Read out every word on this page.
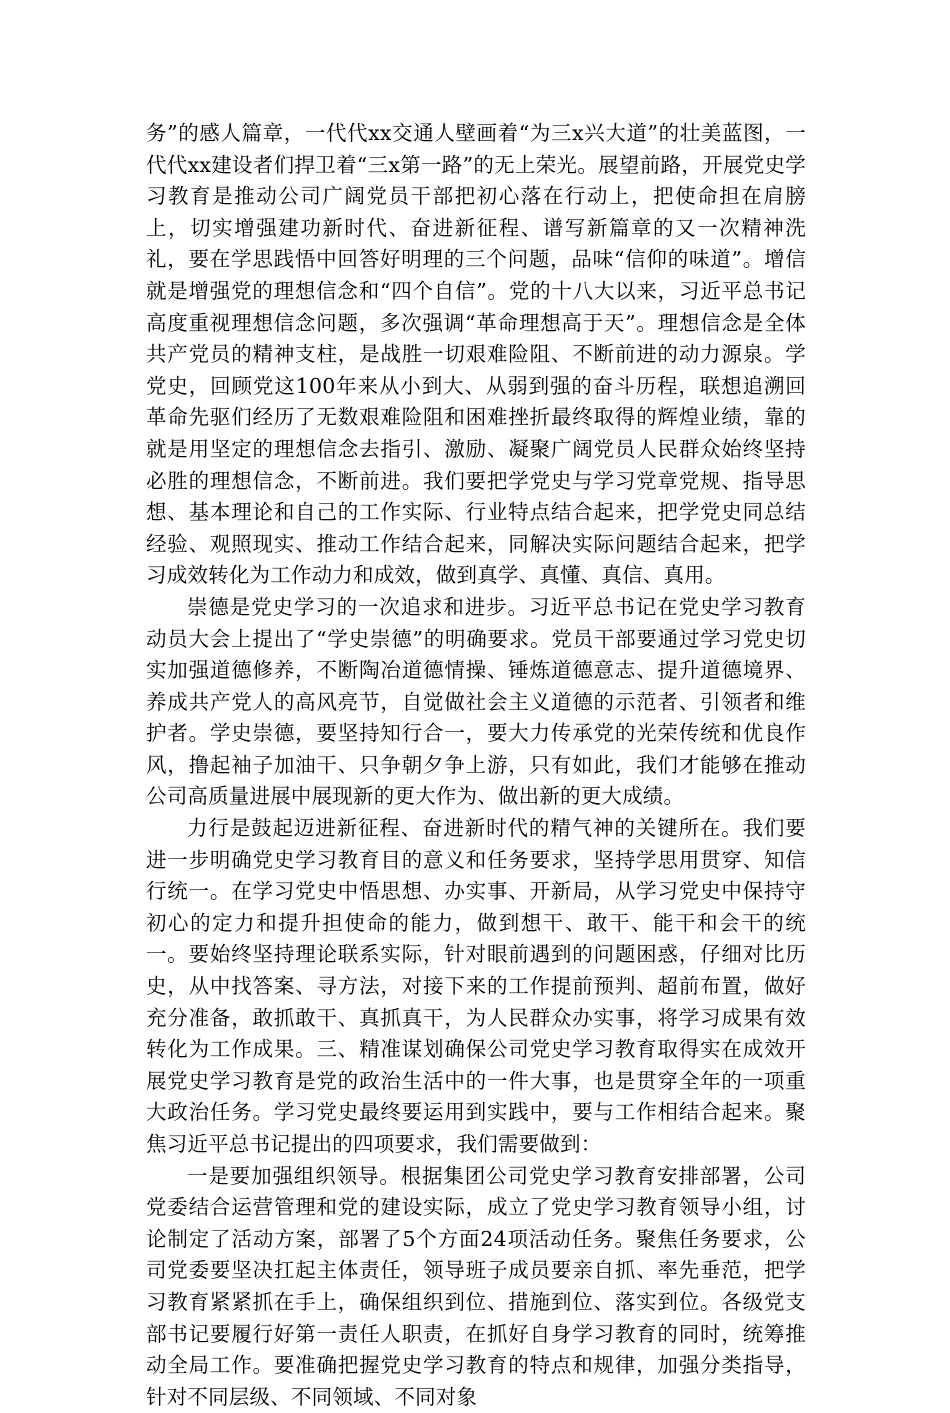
务”的感人篇章，一代代xx交通人壁画着“为三x兴大道”的壮美蓝图，一代代xx建设者们捍卫着“三x第一路”的无上荣光。展望前路，开展党史学习教育是推动公司广阔党员干部把初心落在行动上，把使命担在肩膀上，切实增强建功新时代、奋进新征程、谱写新篇章的又一次精神洗礼，要在学思践悟中回答好明理的三个问题，品味“信仰的味道”。增信就是增强党的理想信念和“四个自信”。党的十八大以来，习近平总书记高度重视理想信念问题，多次强调“革命理想高于天”。理想信念是全体共产党员的精神支柱，是战胜一切艰难险阻、不断前进的动力源泉。学党史，回顾党这100年来从小到大、从弱到强的奋斗历程，联想追溯回革命先驱们经历了无数艰难险阻和困难挫折最终取得的辉煌业绩，靠的就是用坚定的理想信念去指引、激励、凝聚广阔党员人民群众始终坚持必胜的理想信念，不断前进。我们要把学党史与学习党章党规、指导思想、基本理论和自己的工作实际、行业特点结合起来，把学党史同总结经验、观照现实、推动工作结合起来，同解决实际问题结合起来，把学习成效转化为工作动力和成效，做到真学、真懂、真信、真用。

崇德是党史学习的一次追求和进步。习近平总书记在党史学习教育动员大会上提出了“学史崇德”的明确要求。党员干部要通过学习党史切实加强道德修养，不断陶冶道德情操、锤炼道德意志、提升道德境界、养成共产党人的高风亮节，自觉做社会主义道德的示范者、引领者和维护者。学史崇德，要坚持知行合一，要大力传承党的光荣传统和优良作风，撸起袖子加油干、只争朝夕争上游，只有如此，我们才能够在推动公司高质量进展中展现新的更大作为、做出新的更大成绩。

力行是鼓起迈进新征程、奋进新时代的精气神的关键所在。我们要进一步明确党史学习教育目的意义和任务要求，坚持学思用贯穿、知信行统一。在学习党史中悟思想、办实事、开新局，从学习党史中保持守初心的定力和提升担使命的能力，做到想干、敢干、能干和会干的统一。要始终坚持理论联系实际，针对眼前遇到的问题困惑，仔细对比历史，从中找答案、寻方法，对接下来的工作提前预判、超前布置，做好充分准备，敢抓敢干、真抓真干，为人民群众办实事，将学习成果有效转化为工作成果。三、精准谋划确保公司党史学习教育取得实在成效开展党史学习教育是党的政治生活中的一件大事，也是贯穿全年的一项重大政治任务。学习党史最终要运用到实践中，要与工作相结合起来。聚焦习近平总书记提出的四项要求，我们需要做到：

一是要加强组织领导。根据集团公司党史学习教育安排部署，公司党委结合运营管理和党的建设实际，成立了党史学习教育领导小组，讨论制定了活动方案，部署了5个方面24项活动任务。聚焦任务要求，公司党委要坚决扛起主体责任，领导班子成员要亲自抓、率先垂范，把学习教育紧紧抓在手上，确保组织到位、措施到位、落实到位。各级党支部书记要履行好第一责任人职责，在抓好自身学习教育的同时，统筹推动全局工作。要准确把握党史学习教育的特点和规律，加强分类指导，针对不同层级、不同领域、不同对象
